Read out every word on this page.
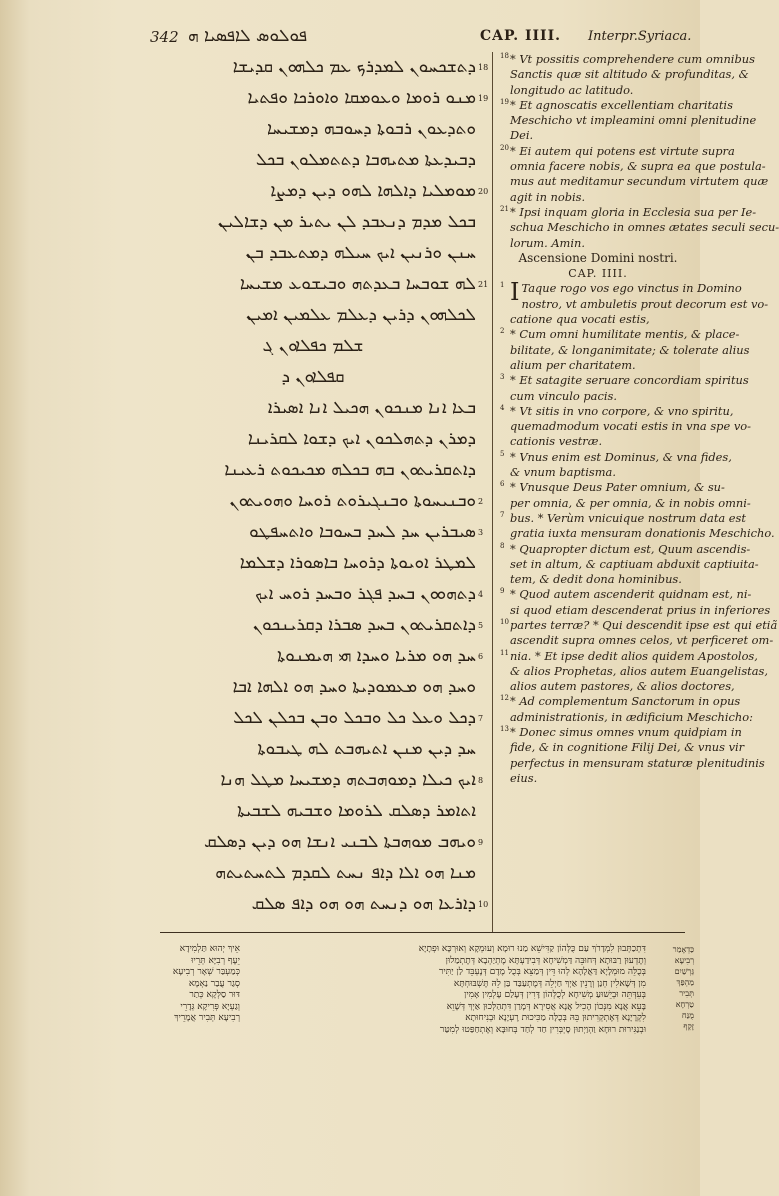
342 ܦܘܠܘܣ ܠܐܦܣܝܐ ܗ	CAP. IIII. Interpr.Syriaca.
ܕܬܫܟܚܘܢ ܠܡܕܪܟ ܥܡ ܟܠܗܘܢ ܩܕܝܫܐ
ܡܢܘ ܪܘܡܐ ܘܥܘܡܩܐ ܘܐܘܪܟܐ ܘܦܬܝܐ
ܘܬܕܥܘܢ ܪܒܘܬܐ ܕܚܘܒܗ ܕܡܫܝܚܐ
ܕܒܝܕܥܬܐ ܡܬܝܗܒܐ ܕܬܬܡܠܘܢ ܒܟܠ
ܡܘܡܠܝܐ ܕܐܠܗܐ ܠܗܘ ܕܝܢ ܕܡܨܐ
ܒܟܠ ܡܕܡ ܕܢܥܒܕ ܠܢ ܝܬܝܪ ܡܢ ܕܫܐܠܝܢ
ܚܢܢ ܘܪܢܝܢ ܐܝܟ ܚܝܠܗ ܕܡܬܥܒܕ ܒܢ
ܠܗ ܫܘܒܚܐ ܒܥܕܬܗ ܘܒܝܫܘܥ ܡܫܝܚܐ
ܠܟܠܗܘܢ ܕܪܝܢ ܕܥܠܡ ܥܠܡܝܢ ܐܡܝܢ
ܫܠܡ ܟܦܠܐܘܢ ܓ
ܩܦܠܐܘܢ ܕ
ܒܥܐ ܐܢܐ ܡܢܟܘܢ ܗܟܝܠ ܐܢܐ ܐܣܝܪܐ
ܕܡܪܢ ܕܬܗܠܟܘܢ ܐܝܟ ܕܫܘܐ ܠܩܪܝܢܐ
ܕܐܬܩܪܝܬܘܢ ܒܗ ܒܟܠܗ ܡܟܝܟܘܬ ܪܥܝܢܐ
ܘܒܢܝܚܘܬܐ ܘܒܢܓܝܪܘܬ ܪܘܚܐ ܘܗܘܝܬܘܢ
ܣܝܒܪܝܢ ܚܕ ܠܚܕ ܒܚܘܒܐ ܘܐܬܚܦܛܘ
ܠܡܛܪ ܐܘܝܘܬܐ ܕܪܘܚܐ ܒܐܣܘܪܐ ܕܫܠܡܐ
ܕܬܗܘܘܢ ܒܚܕ ܦܓܪ ܘܒܚܕ ܪܘܚ ܐܝܟ
ܕܐܬܩܪܝܬܘܢ ܒܚܕ ܣܒܪܐ ܕܩܪܝܢܟܘܢ
ܚܕ ܗܘ ܡܪܝܐ ܘܚܕܐ ܗܝ ܗܝܡܢܘܬܐ
ܘܚܕ ܗܘ ܡܥܡܘܕܝܬܐ ܘܚܕ ܗܘ ܐܠܗܐ ܐܒܐ
ܕܟܠ ܘܥܠ ܟܠ ܘܒܟܠ ܘܒܢ ܒܟܠܢ ܠܟܠ
ܚܕ ܕܝܢ ܡܢܢ ܐܬܝܗܒܬ ܠܗ ܛܝܒܘܬܐ
ܐܝܟ ܟܝܠܐ ܕܡܘܗܒܬܗ ܕܡܫܝܚܐ ܡܛܠ ܗܢܐ
ܐܬܐܡܪ ܕܣܠܩ ܠܪܘܡܐ ܘܫܒܝܗ ܠܫܒܝܬܐ
ܘܝܗܒ ܡܘܗܒܬܐ ܠܒܢܝ ܐܢܫܐ ܗܘ ܕܝܢ ܕܣܠܩ
ܡܢܐ ܗܘ ܐܠܐ ܕܐܦ ܢܚܬ ܠܩܕܡ ܠܬܚܬܝܬܗ
ܕܐܪܥܐ ܗܘ ܕܢܚܬ ܗܘ ܗܘ ܕܐܦ ܣܠܩ
18
19
20
21
2
3
4
5
6
7
8
9
10
18 * Vt possitis comprehendere cum omnibus
Sanctis quæ sit altitudo & profunditas, &
longitudo ac latitudo.
19 * Et agnoscatis excellentiam charitatis
Meschicho vt impleamini omni plenitudine
Dei.
20 * Ei autem qui potens est virtute supra
omnia facere nobis, & supra ea que postula-
mus aut meditamur secundum virtutem quæ
agit in nobis.
21 * Ipsi inquam gloria in Ecclesia sua per Ie-
schua Meschicho in omnes ætates seculi secu-
lorum. Amin.
Ascensione Domini nostri.
CAP. IIII.
1 I Taque rogo vos ego vinctus in Domino
nostro, vt ambuletis prout decorum est vo-
catione qua vocati estis,
2 * Cum omni humilitate mentis, & place-
bilitate, & longanimitate; & tolerate alius
alium per charitatem.
3 * Et satagite seruare concordiam spiritus
cum vinculo pacis.
4 * Vt sitis in vno corpore, & vno spiritu,
quemadmodum vocati estis in vna spe vo-
cationis vestræ.
5 * Vnus enim est Dominus, & vna fides,
& vnum baptisma.
6 * Vnusque Deus Pater omnium, & su-
per omnia, & per omnia, & in nobis omni-
7 bus. * Verùm vnicuique nostrum data est
gratia iuxta mensuram donationis Meschicho.
8 * Quapropter dictum est, Quum ascendis-
set in altum, & captiuam abduxit captiuita-
tem, & dedit dona hominibus.
9 * Quod autem ascenderit quidnam est, ni-
si quod etiam descenderat prius in inferiores
10 partes terræ? * Qui descendit ipse est qui etiã
ascendit supra omnes celos, vt perficeret om-
11 nia. * Et ipse dedit alios quidem Apostolos,
& alios Prophetas, alios autem Euangelistas,
alios autem pastores, & alios doctores,
12 * Ad complementum Sanctorum in opus
administrationis, in ædificium Meschicho:
13 * Donec simus omnes vnum quidpiam in
fide, & in cognitione Filij Dei, & vnus vir
perfectus in mensuram staturæ plenitudinis
eius.
אֵיךְ יְהוּא תַּלְמִידָא
יֵעֶף רְבִיָּא תְּרֵיוּ
כְּמַעְבַּר שְׁאָר רְבִיעָא
סְגַר עֲבַר נַאְמָא
דּוּר סַלְּקָא כְּתַר
וְגַעְיָא פְּרִיקָא גְּדָרֵי
רְבִיעָא תְּבִיר אֲמָרֵיךְ
דִּתְכַתְּבוּן לִמְדָרֹךְ עַם כֻּלְּהוֹן קַדִּישֵׁא מַנוּ רוּמָא וְעוּמְקָא וְאוּרְכָּא וּפְתָיָא
וְתֶדְעוּן רַבּוּתָא דְּחוּבֵּה דַּמְשִׁיחָא דְּבִידַעְתָּא מֶתְיַהְבָא דְּתֶתְמַלוּן
בְּכֻלֵּה מוּמְלָיָא דַּאֲלָהָא לְהוּ דֵּין דְּמַצֵּא בְּכֻל מֶדֶם דְּנֶעְבֵּד לַן יַתִּיר
מִן דְּשָׁאלִין חְנַן וְרָנֵין אַיְךְ חַיְלֵה דְּמֶתְעַבַּד בַּן לֵהּ תֶּשְׁבּוּחְתָּא
בְּעִדְּתֵּה וּבְיֵשׁוּעַ מְשִׁיחָא לְכֻלְּהוֹן דָּרִין דְּעָלַם עָלְמִין אָמִין
בָּעֵא אֲנָא מִנְּכוֹן הָכִיל אֲנָא אֲסִירָא דְּמָרַן דִּתְהַלְּכוּן אַיְךְ דְּשָׁוֵא
לִקְרָיָנָא דְּאֶתְקְרִיתוּן בֵּהּ בְּכֻלָּה מַכִּיכוּת רֶעְיָנָא וּבְנִיחוּתָא
וּבְנַגִּירוּת רוּחָא וַהְוַיְתוּן סָיְבְּרִין חַד לְחַד בְּחוּבָּא וְאֶתְחַפַּטוּ לְמִטַּר
כַּדְאָמַר
רְבִיעָא
גֵּרְשַׁיִם
מַהְפַּךְ
תְּבִיר
טַרְחָא
מֻנַּח
זָקֵף
